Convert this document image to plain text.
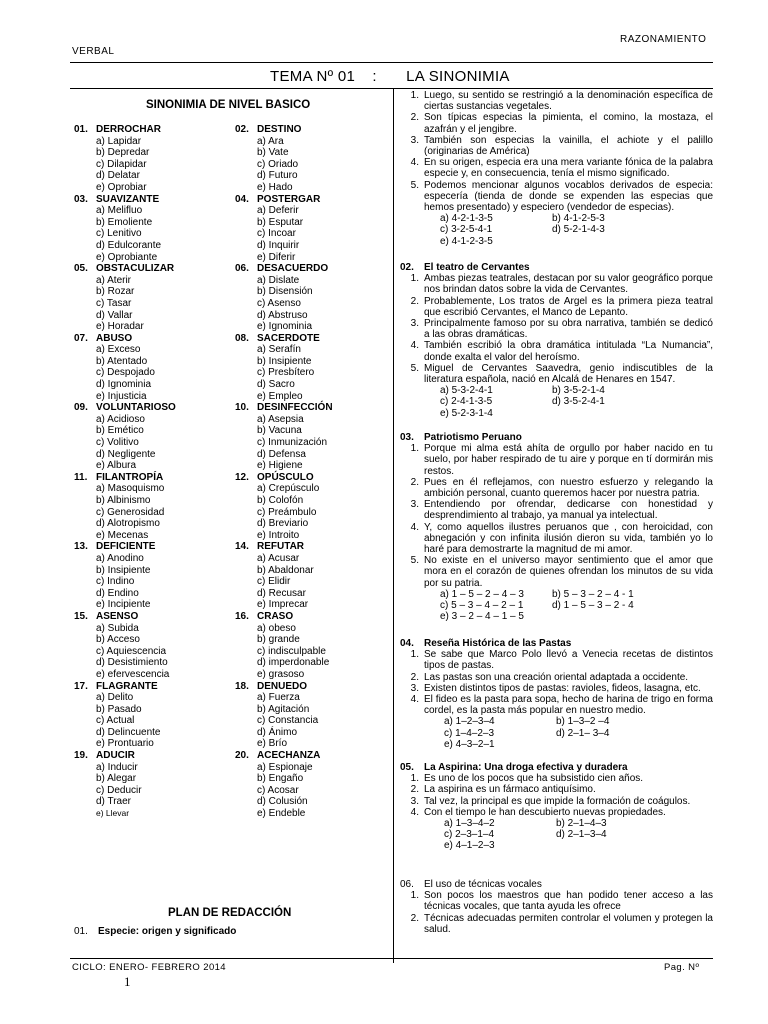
RAZONAMIENTO
VERBAL
TEMA Nº 01 : LA SINONIMIA
SINONIMIA DE NIVEL BASICO
01. DERROCHAR
a) Lapidar
b) Depredar
c) Dilapidar
d) Delatar
e) Oprobiar
03. SUAVIZANTE
a) Melifluo
b) Emoliente
c) Lenitivo
d) Edulcorante
e) Oprobiante
05. OBSTACULIZAR
a) Aterir
b) Rozar
c) Tasar
d) Vallar
e) Horadar
07. ABUSO
a) Exceso
b) Atentado
c) Despojado
d) Ignominia
e) Injusticia
09. VOLUNTARIOSO
a) Acidioso
b) Emético
c) Volitivo
d) Negligente
e) Albura
11. FILANTROPÍA
a) Masoquismo
b) Albinismo
c) Generosidad
d) Alotropismo
e) Mecenas
13. DEFICIENTE
a) Anodino
b) Insipiente
c) Indino
d) Endino
e) Incipiente
15. ASENSO
a) Subida
b) Acceso
c) Aquiescencia
d) Desistimiento
e) efervescencia
17. FLAGRANTE
a) Delito
b) Pasado
c) Actual
d) Delincuente
e) Prontuario
19. ADUCIR
a) Inducir
b) Alegar
c) Deducir
d) Traer
e) Llevar
02. DESTINO
a) Ara
b) Vate
c) Oriado
d) Futuro
e) Hado
04. POSTERGAR
a) Deferir
b) Esputar
c) Incoar
d) Inquirir
e) Diferir
06. DESACUERDO
a) Dislate
b) Disensión
c) Asenso
d) Abstruso
e) Ignominia
08. SACERDOTE
a) Serafín
b) Insipiente
c) Presbítero
d) Sacro
e) Empleo
10. DESINFECCIÓN
a) Asepsia
b) Vacuna
c) Inmunización
d) Defensa
e) Higiene
12. OPÚSCULO
a) Crepúsculo
b) Colofón
c) Preámbulo
d) Breviario
e) Introito
14. REFUTAR
a) Acusar
b) Abaldonar
c) Elidir
d) Recusar
e) Imprecar
16. CRASO
a) obeso
b) grande
c) indisculpable
d) imperdonable
e) grasoso
18. DENUEDO
a) Fuerza
b) Agitación
c) Constancia
d) Ánimo
e) Brío
20. ACECHANZA
a) Espionaje
b) Engaño
c) Acosar
d) Colusión
e) Endeble
PLAN DE REDACCIÓN
01. Especie: origen y significado
1. Luego, su sentido se restringió a la denominación específica de ciertas sustancias vegetales.
2. Son típicas especias la pimienta, el comino, la mostaza, el azafrán y el jengibre.
3. También son especias la vainilla, el achiote y el palillo (originarias de América)
4. En su origen, especia era una mera variante fónica de la palabra especie y, en consecuencia, tenía el mismo significado.
5. Podemos mencionar algunos vocablos derivados de especia: especería (tienda de donde se expenden las especias que hemos presentado) y especiero (vendedor de especias).
a) 4-2-1-3-5	b) 4-1-2-5-3
c) 3-2-5-4-1	d) 5-2-1-4-3
e) 4-1-2-3-5
02.	El teatro de Cervantes
1. Ambas piezas teatrales, destacan por su valor geográfico porque nos brindan datos sobre la vida de Cervantes.
2. Probablemente, Los tratos de Argel es la primera pieza teatral que escribió Cervantes, el Manco de Lepanto.
3. Principalmente famoso por su obra narrativa, también se dedicó a las obras dramáticas.
4. También escribió la obra dramática intitulada “La Numancia”, donde exalta el valor del heroísmo.
5. Miguel de Cervantes Saavedra, genio indiscutibles de la literatura española, nació en Alcalá de Henares en 1547.
a) 5-3-2-4-1	b) 3-5-2-1-4
c) 2-4-1-3-5	d) 3-5-2-4-1
e) 5-2-3-1-4
03.	Patriotismo Peruano
1. Porque mi alma está ahíta de orgullo por haber nacido en tu suelo, por haber respirado de tu aire y porque en tí dormirán mis restos.
2. Pues en él reflejamos, con nuestro esfuerzo y relegando la ambición personal, cuanto queremos hacer por nuestra patria.
3. Entendiendo por ofrendar, dedicarse con honestidad y desprendimiento al trabajo, ya manual ya intelectual.
4. Y, como aquellos ilustres peruanos que , con heroicidad, con abnegación y con infinita ilusión dieron su vida, también yo lo haré para demostrarte la magnitud de mi amor.
5. No existe en el universo mayor sentimiento que el amor que mora en el corazón de quienes ofrendan los minutos de su vida por su patria.
a) 1 – 5 – 2 – 4 – 3	b) 5 – 3 – 2 – 4 - 1
c) 5 – 3 – 4 – 2 – 1	d) 1 – 5 – 3 – 2 - 4
e) 3 – 2 – 4 – 1 – 5
04.	Reseña Histórica de las Pastas
1. Se sabe que Marco Polo llevó a Venecia recetas de distintos tipos de pastas.
2. Las pastas son una creación oriental adaptada a occidente.
3. Existen distintos tipos de pastas: ravioles, fideos, lasagna, etc.
4. El fideo es la pasta para sopa, hecho de harina de trigo en forma cordel, es la pasta más popular en nuestro medio.
a) 1–2–3–4	b) 1–3–2 –4
c) 1–4–2–3	d) 2–1– 3–4
e) 4–3–2–1
05.	La Aspirina: Una droga efectiva y duradera
1. Es uno de los pocos que ha subsistido cien años.
2. La aspirina es un fármaco antiquísimo.
3. Tal vez, la principal es que impide la formación de coágulos.
4. Con el tiempo le han descubierto nuevas propiedades.
a) 1–3–4–2	b) 2–1–4–3
c) 2–3–1–4	d) 2–1–3–4
e) 4–1–2–3
06.	El uso de técnicas vocales
1. Son pocos los maestros que han podido tener acceso a las técnicas vocales, que tanta ayuda les ofrece
2. Técnicas adecuadas permiten controlar el volumen y protegen la salud.
CICLO: ENERO- FEBRERO 2014	Pag. Nº
1
